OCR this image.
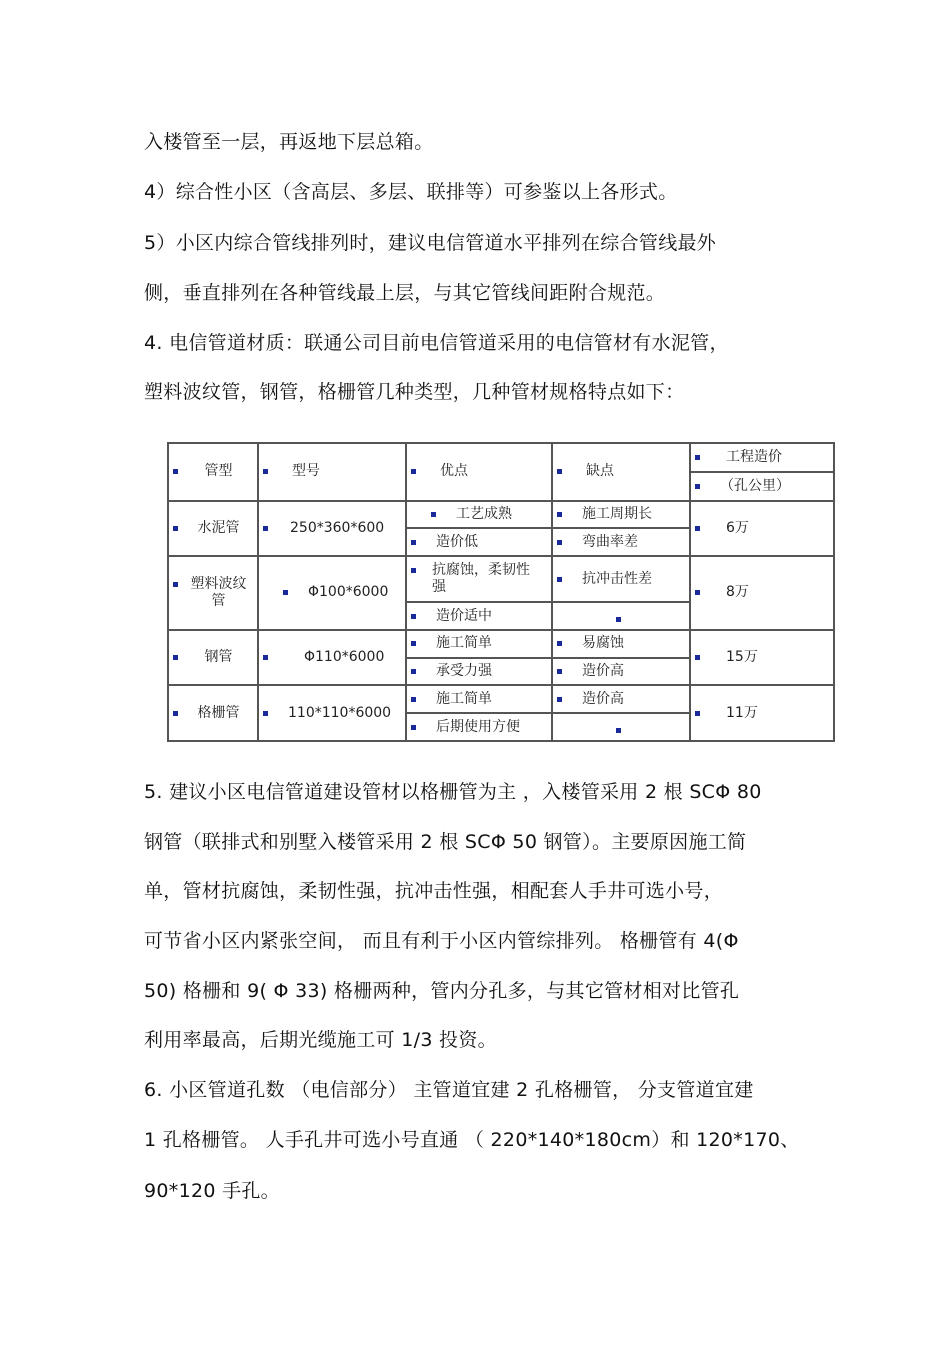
入楼管至一层，再返地下层总箱。
4）综合性小区（含高层、多层、联排等）可参鉴以上各形式。
5）小区内综合管线排列时，建议电信管道水平排列在综合管线最外
侧，垂直排列在各种管线最上层，与其它管线间距附合规范。
4. 电信管道材质：联通公司目前电信管道采用的电信管材有水泥管，
塑料波纹管，钢管，格栅管几种类型，几种管材规格特点如下：
管型	型号	优点	缺点	工程造价

				（孔公里）

水泥管	250*360*600	工艺成熟	施工周期长	6万

		造价低	弯曲率差	

塑料波纹管	Φ100*6000	抗腐蚀，柔韧性强	抗冲击性差	8万

		造价适中		

钢管	Φ110*6000	施工简单	易腐蚀	15万

		承受力强	造价高	

格栅管	110*110*6000	施工简单	造价高	11万

		后期使用方便		

5. 建议小区电信管道建设管材以格栅管为主 ，入楼管采用 2 根 SCΦ 80
钢管（联排式和别墅入楼管采用 2 根 SCΦ 50 钢管）。主要原因施工简
单，管材抗腐蚀，柔韧性强，抗冲击性强，相配套人手井可选小号，
可节省小区内紧张空间， 而且有利于小区内管综排列。 格栅管有 4(Φ
50) 格栅和 9( Φ 33) 格栅两种，管内分孔多，与其它管材相对比管孔
利用率最高，后期光缆施工可 1/3 投资。
6. 小区管道孔数 （电信部分） 主管道宜建 2 孔格栅管， 分支管道宜建
1 孔格栅管。 人手孔井可选小号直通 （ 220*140*180cm）和 120*170、
90*120 手孔。
